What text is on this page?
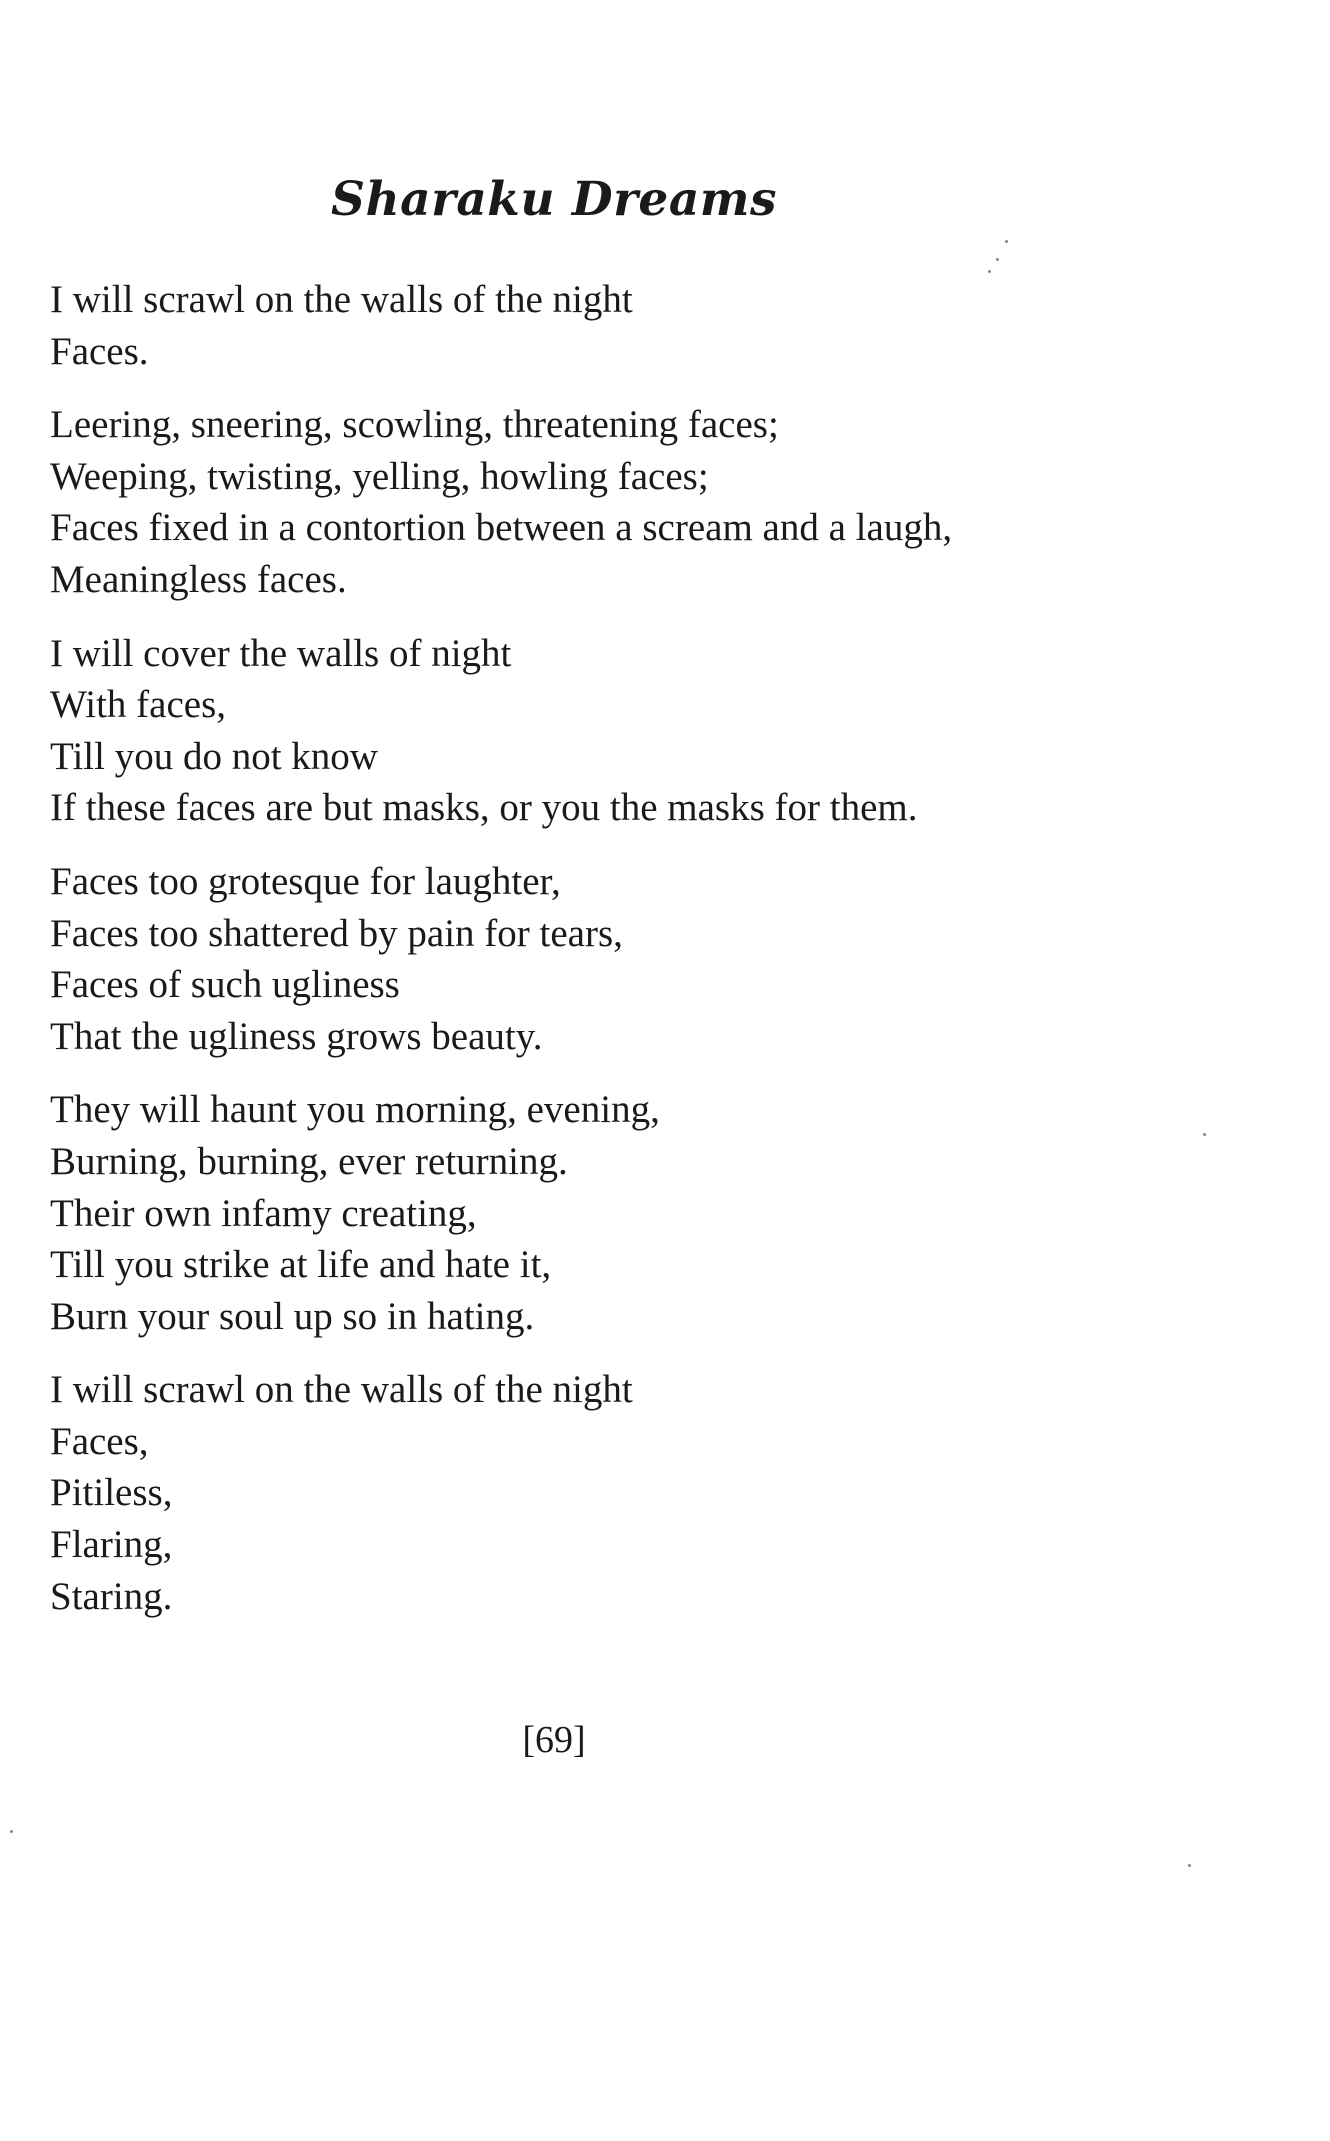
Sharaku Dreams

I will scrawl on the walls of the night
Faces.

Leering, sneering, scowling, threatening faces;
Weeping, twisting, yelling, howling faces;
Faces fixed in a contortion between a scream and a laugh,
Meaningless faces.

I will cover the walls of night
With faces,
Till you do not know
If these faces are but masks, or you the masks for them.

Faces too grotesque for laughter,
Faces too shattered by pain for tears,
Faces of such ugliness
That the ugliness grows beauty.

They will haunt you morning, evening,
Burning, burning, ever returning.
Their own infamy creating,
Till you strike at life and hate it,
Burn your soul up so in hating.

I will scrawl on the walls of the night
Faces,
Pitiless,
Flaring,
Staring.

[69]
